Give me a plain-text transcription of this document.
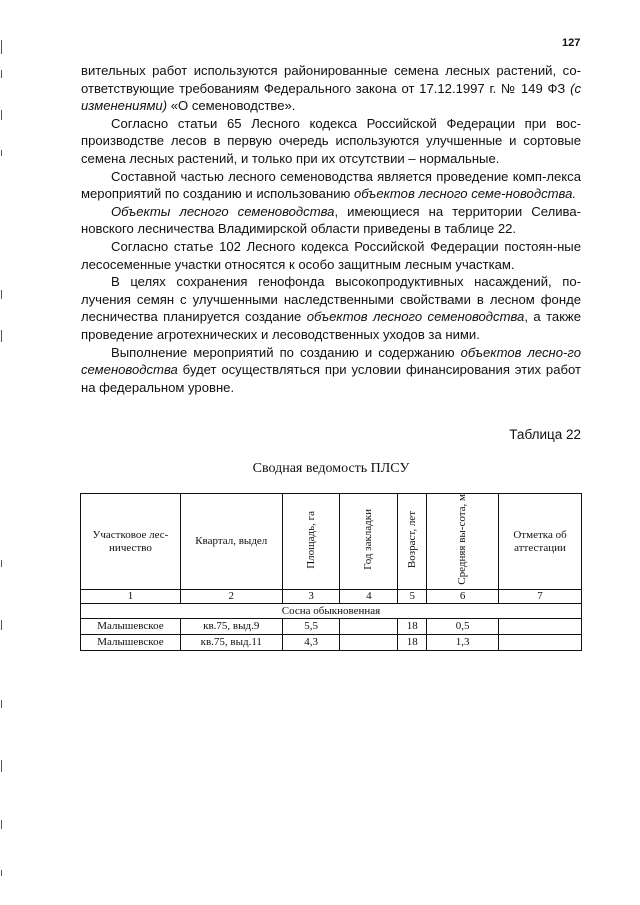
127

вительных работ используются районированные семена лесных растений, со-ответствующие требованиям Федерального закона от 17.12.1997 г. № 149 ФЗ (с изменениями) «О семеноводстве».

Согласно статьи 65 Лесного кодекса Российской Федерации при вос-производстве лесов в первую очередь используются улучшенные и сортовые семена лесных растений, и только при их отсутствии – нормальные.

Составной частью лесного семеноводства является проведение комп-лекса мероприятий по созданию и использованию объектов лесного семе-новодства.

Объекты лесного семеноводства, имеющиеся на территории Селива-новского лесничества Владимирской области приведены в таблице 22.

Согласно статье 102 Лесного кодекса Российской Федерации постоян-ные лесосеменные участки относятся к особо защитным лесным участкам.

В целях сохранения генофонда высокопродуктивных насаждений, по-лучения семян с улучшенными наследственными свойствами в лесном фонде лесничества планируется создание объектов лесного семеноводства, а также проведение агротехнических и лесоводственных уходов за ними.

Выполнение мероприятий по созданию и содержанию объектов лесно-го семеноводства будет осуществляться при условии финансирования этих работ на федеральном уровне.

Таблица 22
Сводная ведомость ПЛСУ
Участковое лес-ничество	Квартал, выдел	Площадь, га	Год закладки	Возраст, лет	Средняя вы-сота, м	Отметка об аттестации
1	2	3	4	5	6	7
Сосна обыкновенная						
Малышевское	кв.75, выд.9	5,5		18	0,5	
Малышевское	кв.75, выд.11	4,3		18	1,3	
